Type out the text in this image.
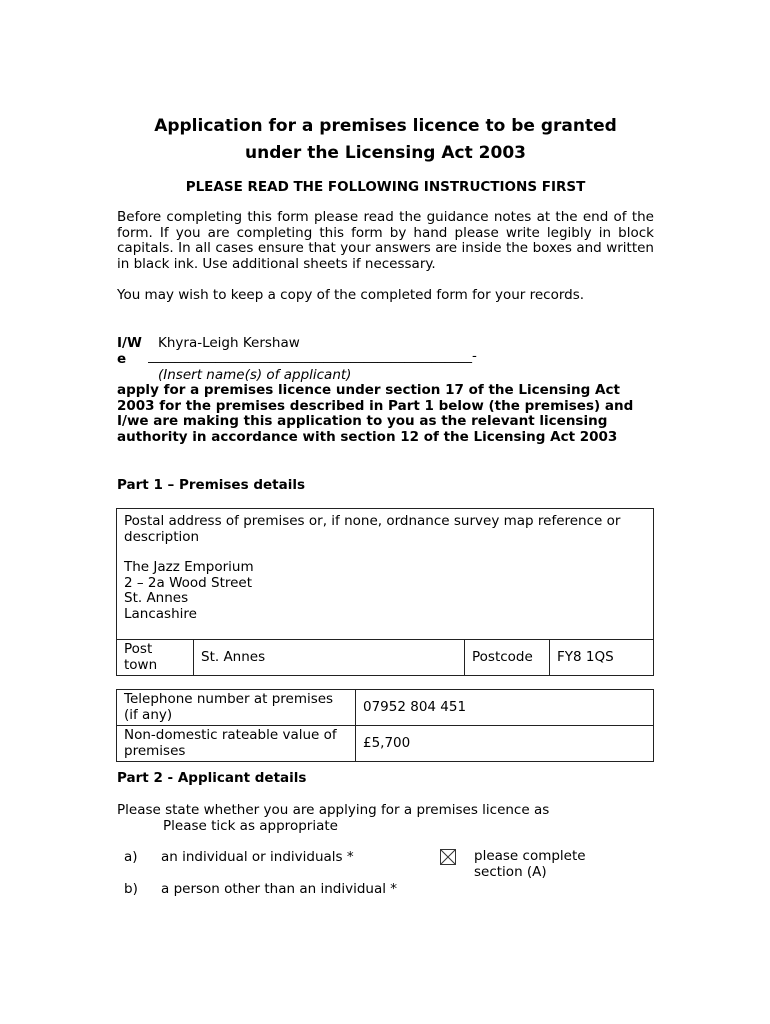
Application for a premises licence to be granted
under the Licensing Act 2003
PLEASE READ THE FOLLOWING INSTRUCTIONS FIRST
Before completing this form please read the guidance notes at the end of the form. If you are completing this form by hand please write legibly in block capitals. In all cases ensure that your answers are inside the boxes and written in black ink. Use additional sheets if necessary.
You may wish to keep a copy of the completed form for your records.
I/W
e
Khyra-Leigh Kershaw
________________________________________________-
(Insert name(s) of applicant)
apply for a premises licence under section 17 of the Licensing Act 2003 for the premises described in Part 1 below (the premises) and I/we are making this application to you as the relevant licensing authority in accordance with section 12 of the Licensing Act 2003
Part 1 – Premises details
Postal address of premises or, if none, ordnance survey map reference or description
The Jazz Emporium
2 – 2a Wood Street
St. Annes
Lancashire

Post
town	St. Annes	Postcode	FY8 1QS
Telephone number at premises (if any)	07952 804 451
Non-domestic rateable value of premises	£5,700
Part 2 - Applicant details
Please state whether you are applying for a premises licence as
Please tick as appropriate
a) an individual or individuals *	please complete
section (A)
b) a person other than an individual *
